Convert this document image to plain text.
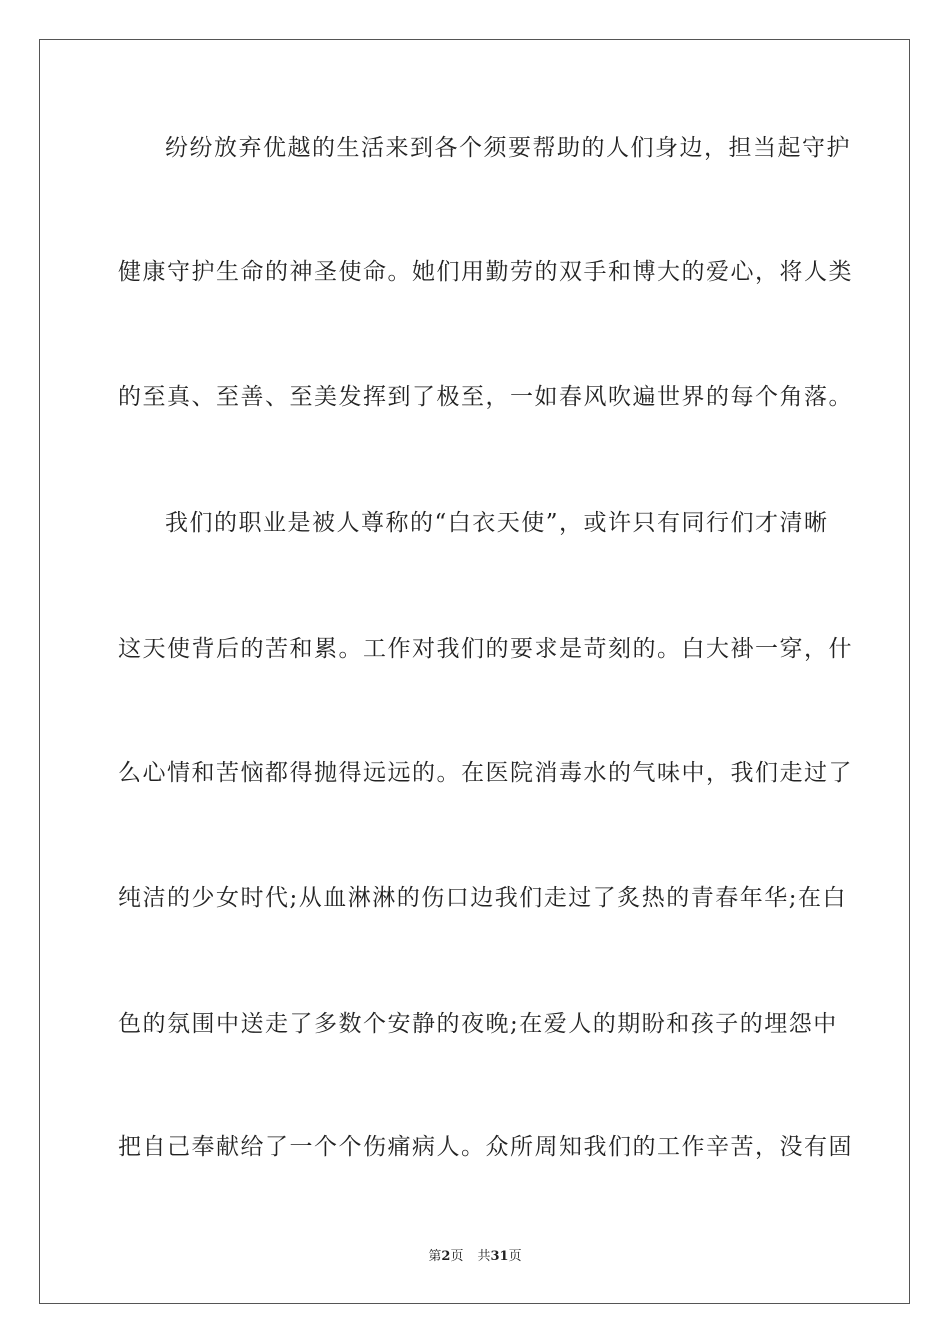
纷纷放弃优越的生活来到各个须要帮助的人们身边，担当起守护
健康守护生命的神圣使命。她们用勤劳的双手和博大的爱心，将人类
的至真、至善、至美发挥到了极至，一如春风吹遍世界的每个角落。
我们的职业是被人尊称的“白衣天使”，或许只有同行们才清晰
这天使背后的苦和累。工作对我们的要求是苛刻的。白大褂一穿，什
么心情和苦恼都得抛得远远的。在医院消毒水的气味中，我们走过了
纯洁的少女时代;从血淋淋的伤口边我们走过了炙热的青春年华;在白
色的氛围中送走了多数个安静的夜晚;在爱人的期盼和孩子的埋怨中
把自己奉献给了一个个伤痛病人。众所周知我们的工作辛苦，没有固
第2页 共31页
